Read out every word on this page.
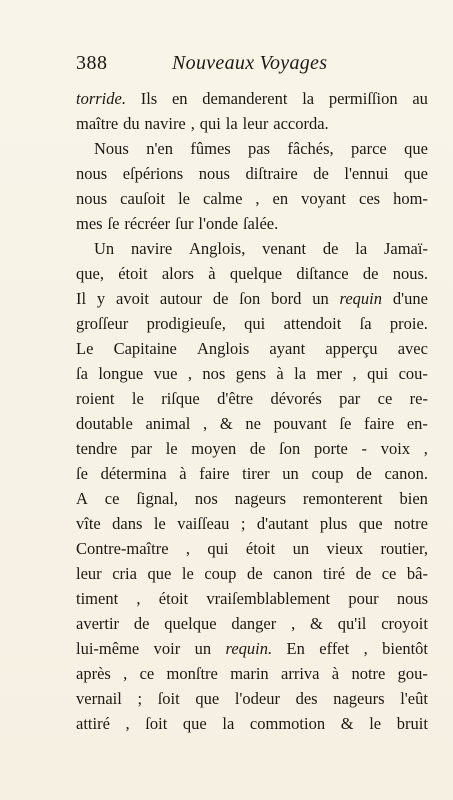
388	Nouveaux Voyages
torride. Ils en demanderent la permiſſion au
maître du navire , qui la leur accorda.
Nous n'en fûmes pas fâchés, parce que
nous eſpérions nous diſtraire de l'ennui que
nous cauſoit le calme , en voyant ces hom-
mes ſe récréer ſur l'onde ſalée.
Un navire Anglois, venant de la Jamaï-
que, étoit alors à quelque diſtance de nous.
Il y avoit autour de ſon bord un requin d'une
groſſeur prodigieuſe, qui attendoit ſa proie.
Le Capitaine Anglois ayant apperçu avec
ſa longue vue , nos gens à la mer , qui cou-
roient le riſque d'être dévorés par ce re-
doutable animal , & ne pouvant ſe faire en-
tendre par le moyen de ſon porte - voix ,
ſe détermina à faire tirer un coup de canon.
A ce ſignal, nos nageurs remonterent bien
vîte dans le vaiſſeau ; d'autant plus que notre
Contre-maître , qui étoit un vieux routier,
leur cria que le coup de canon tiré de ce bâ-
timent , étoit vraiſemblablement pour nous
avertir de quelque danger , & qu'il croyoit
lui-même voir un requin. En effet , bientôt
après , ce monſtre marin arriva à notre gou-
vernail ; ſoit que l'odeur des nageurs l'eût
attiré , ſoit que la commotion & le bruit
